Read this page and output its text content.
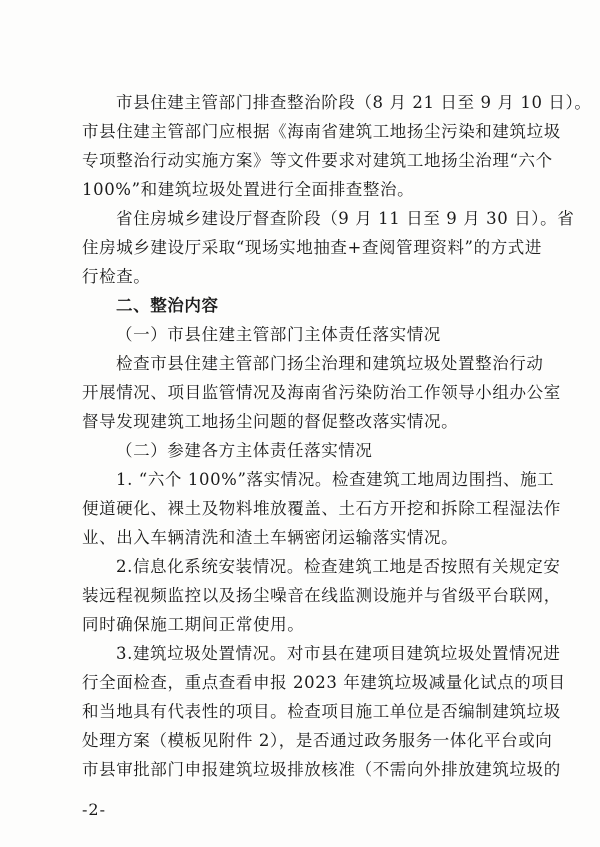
市县住建主管部门排查整治阶段（8 月 21 日至 9 月 10 日）。
市县住建主管部门应根据《海南省建筑工地扬尘污染和建筑垃圾
专项整治行动实施方案》等文件要求对建筑工地扬尘治理“六个
100%”和建筑垃圾处置进行全面排查整治。
省住房城乡建设厅督查阶段（9 月 11 日至 9 月 30 日）。省
住房城乡建设厅采取“现场实地抽查+查阅管理资料”的方式进
行检查。
二、整治内容
（一）市县住建主管部门主体责任落实情况
检查市县住建主管部门扬尘治理和建筑垃圾处置整治行动
开展情况、项目监管情况及海南省污染防治工作领导小组办公室
督导发现建筑工地扬尘问题的督促整改落实情况。
（二）参建各方主体责任落实情况
1. “六个 100%”落实情况。检查建筑工地周边围挡、施工
便道硬化、裸土及物料堆放覆盖、土石方开挖和拆除工程湿法作
业、出入车辆清洗和渣土车辆密闭运输落实情况。
2.信息化系统安装情况。检查建筑工地是否按照有关规定安
装远程视频监控以及扬尘噪音在线监测设施并与省级平台联网，
同时确保施工期间正常使用。
3.建筑垃圾处置情况。对市县在建项目建筑垃圾处置情况进
行全面检查，重点查看申报 2023 年建筑垃圾减量化试点的项目
和当地具有代表性的项目。检查项目施工单位是否编制建筑垃圾
处理方案（模板见附件 2），是否通过政务服务一体化平台或向
市县审批部门申报建筑垃圾排放核准（不需向外排放建筑垃圾的
-2-
